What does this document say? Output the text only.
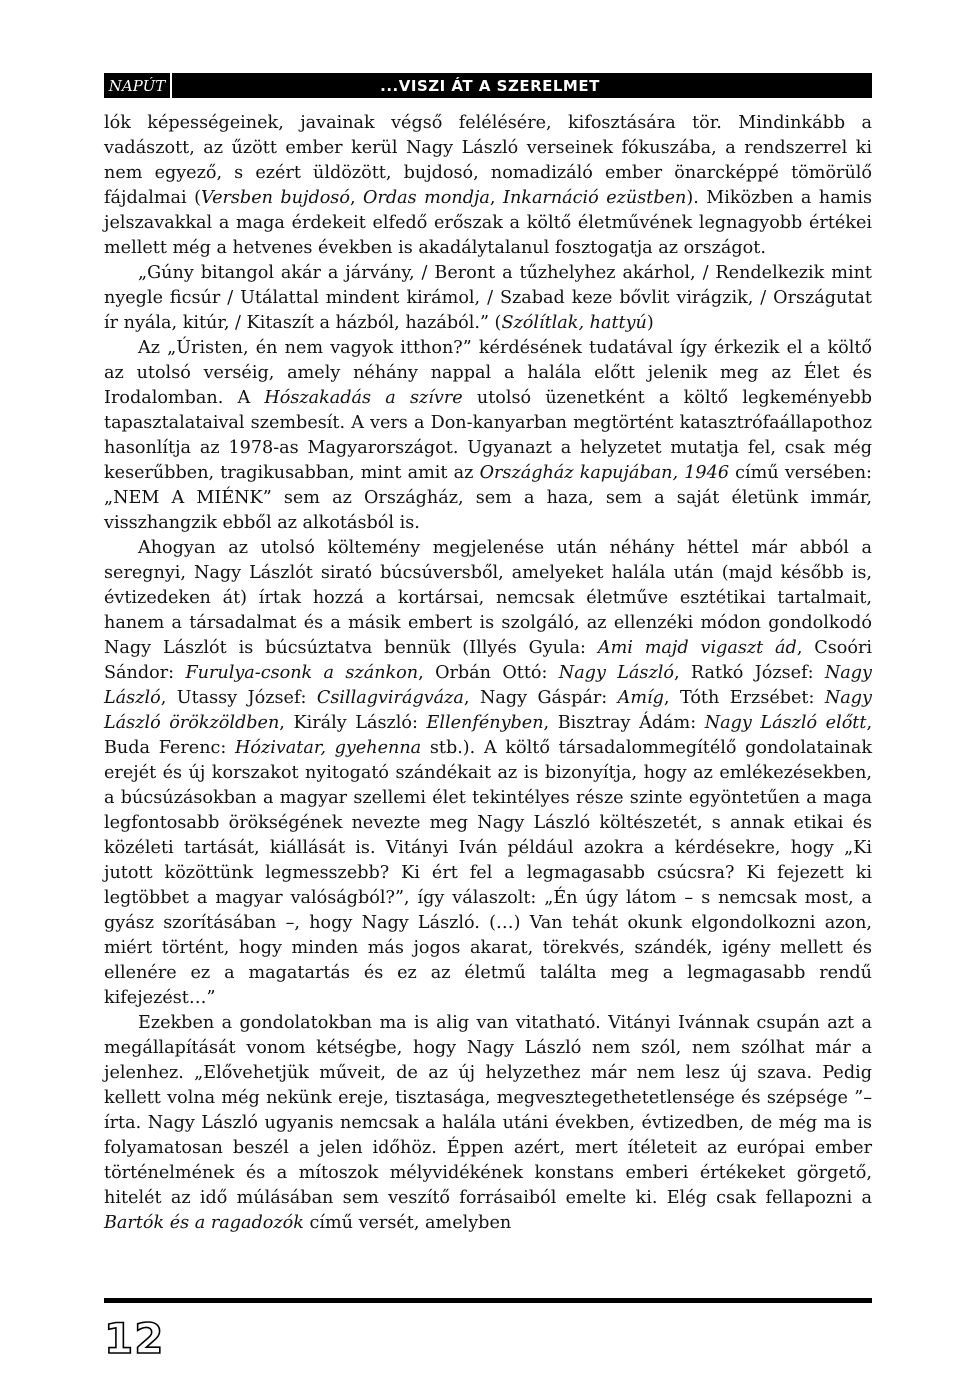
NAPÚT	...VISZI ÁT A SZERELMET

lók képességeinek, javainak végső felélésére, kifosztására tör. Mindinkább a vadászott, az űzött ember kerül Nagy László verseinek fókuszába, a rendszerrel ki nem egyező, s ezért üldözött, bujdosó, nomadizáló ember önarcképpé tömörülő fájdalmai (Versben bujdosó, Ordas mondja, Inkarnáció ezüstben). Miközben a hamis jelszavakkal a maga érdekeit elfedő erőszak a költő életművének legnagyobb értékei mellett még a hetvenes években is akadálytalanul fosztogatja az országot.

„Gúny bitangol akár a járvány, / Beront a tűzhelyhez akárhol, / Rendelkezik mint nyegle ficsúr / Utálattal mindent kirámol, / Szabad keze bővlit virágzik, / Országutat ír nyála, kitúr, / Kitaszít a házból, hazából.” (Szólítlak, hattyú)

Az „Úristen, én nem vagyok itthon?” kérdésének tudatával így érkezik el a költő az utolsó verséig, amely néhány nappal a halála előtt jelenik meg az Élet és Irodalomban. A Hószakadás a szívre utolsó üzenetként a költő legkeményebb tapasztalataival szembesít. A vers a Don-kanyarban megtörtént katasztrófaállapothoz hasonlítja az 1978-as Magyarországot. Ugyanazt a helyzetet mutatja fel, csak még keserűbben, tragikusabban, mint amit az Országház kapujában, 1946 című versében: „NEM A MIÉNK” sem az Országház, sem a haza, sem a saját életünk immár, visszhangzik ebből az alkotásból is.

Ahogyan az utolsó költemény megjelenése után néhány héttel már abból a seregnyi, Nagy Lászlót sirató búcsúversből, amelyeket halála után (majd később is, évtizedeken át) írtak hozzá a kortársai, nemcsak életműve esztétikai tartalmait, hanem a társadalmat és a másik embert is szolgáló, az ellenzéki módon gondolkodó Nagy Lászlót is búcsúztatva bennük (Illyés Gyula: Ami majd vigaszt ád, Csoóri Sándor: Furulya-csonk a szánkon, Orbán Ottó: Nagy László, Ratkó József: Nagy László, Utassy József: Csillagvirágváza, Nagy Gáspár: Amíg, Tóth Erzsébet: Nagy László örökzöldben, Király László: Ellenfényben, Bisztray Ádám: Nagy László előtt, Buda Ferenc: Hózivatar, gyehenna stb.). A költő társadalommegítélő gondolatainak erejét és új korszakot nyitogató szándékait az is bizonyítja, hogy az emlékezésekben, a búcsúzásokban a magyar szellemi élet tekintélyes része szinte egyöntetűen a maga legfontosabb örökségének nevezte meg Nagy László költészetét, s annak etikai és közéleti tartását, kiállását is. Vitányi Iván például azokra a kérdésekre, hogy „Ki jutott közöttünk legmesszebb? Ki ért fel a legmagasabb csúcsra? Ki fejezett ki legtöbbet a magyar valóságból?”, így válaszolt: „Én úgy látom – s nemcsak most, a gyász szorításában –, hogy Nagy László. (…) Van tehát okunk elgondolkozni azon, miért történt, hogy minden más jogos akarat, törekvés, szándék, igény mellett és ellenére ez a magatartás és ez az életmű találta meg a legmagasabb rendű kifejezést…”

Ezekben a gondolatokban ma is alig van vitatható. Vitányi Ivánnak csupán azt a megállapítását vonom kétségbe, hogy Nagy László nem szól, nem szólhat már a jelenhez. „Elővehetjük műveit, de az új helyzethez már nem lesz új szava. Pedig kellett volna még nekünk ereje, tisztasága, megvesztegethetetlensége és szépsége ”– írta. Nagy László ugyanis nemcsak a halála utáni években, évtizedben, de még ma is folyamatosan beszél a jelen időhöz. Éppen azért, mert ítéleteit az európai ember történelmének és a mítoszok mélyvidékének konstans emberi értékeket görgető, hitelét az idő múlásában sem veszítő forrásaiból emelte ki. Elég csak fellapozni a Bartók és a ragadozók című versét, amelyben

12
